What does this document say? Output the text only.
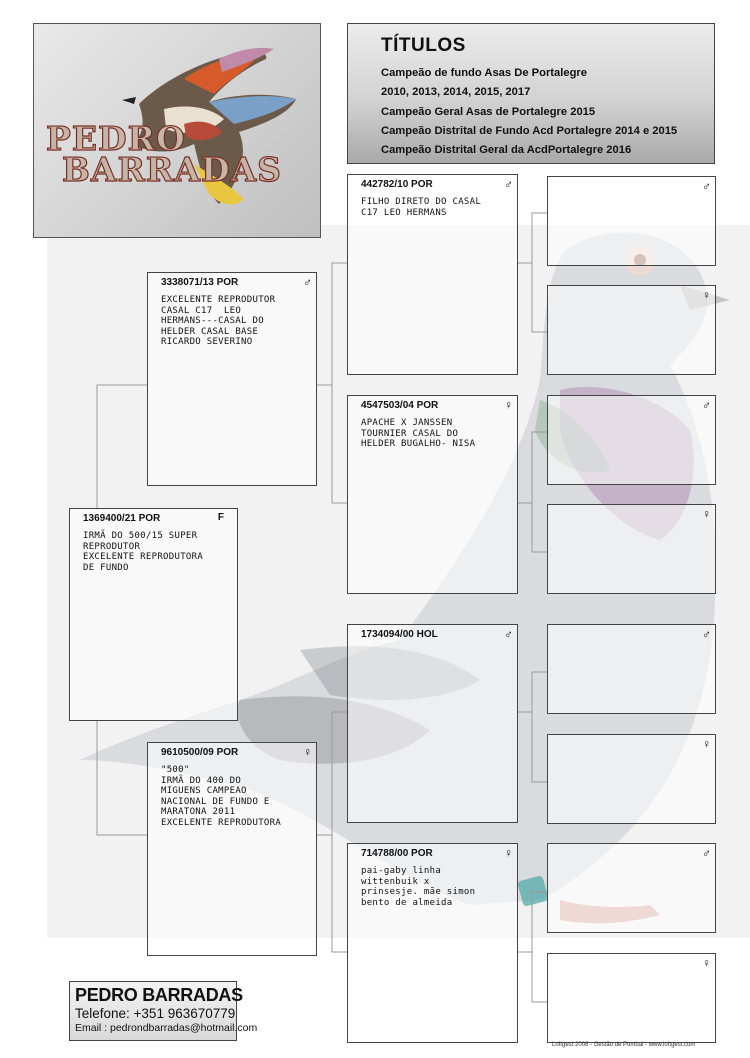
PEDRO
BARRADAS
TÍTULOS
Campeão de fundo Asas De Portalegre
2010, 2013, 2014, 2015, 2017
Campeão Geral Asas de Portalegre 2015
Campeão Distrital de Fundo Acd Portalegre 2014 e 2015
Campeão Distrital Geral da AcdPortalegre 2016
1369400/21 POR	F
IRMÃ DO 500/15 SUPER
REPRODUTOR
EXCELENTE REPRODUTORA
DE FUNDO
3338071/13 POR	♂
EXCELENTE REPRODUTOR
CASAL C17  LEO
HERMANS---CASAL DO
HELDER CASAL BASE
RICARDO SEVERINO
9610500/09 POR	♀
"500"
IRMÃ DO 400 DO
MIGUENS CAMPEAO
NACIONAL DE FUNDO E
MARATONA 2011
EXCELENTE REPRODUTORA
442782/10 POR	♂
FILHO DIRETO DO CASAL
C17 LEO HERMANS
4547503/04 POR	♀
APACHE X JANSSEN
TOURNIER CASAL DO
HELDER BUGALHO- NISA
1734094/00 HOL	♂
714788/00 POR	♀
pai-gaby linha
wittenbuik x
prinsesje. mãe simon
bento de almeida
♂
♀
♂
♀
♂
♀
♂
♀
PEDRO BARRADAS
Telefone: +351 963670779
Email : pedrondbarradas@hotmail.com
Loftgest 2008 - Gestão de Pombal - www.loftgest.com
